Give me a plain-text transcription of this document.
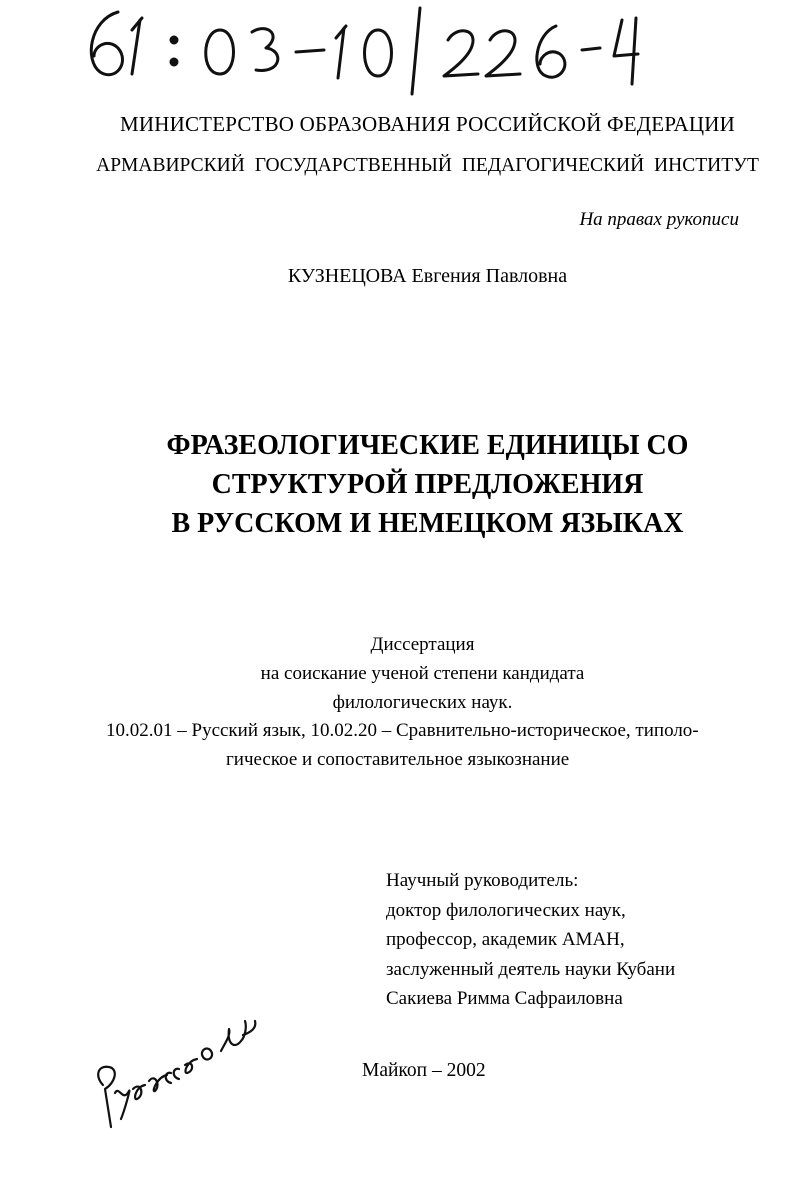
МИНИСТЕРСТВО ОБРАЗОВАНИЯ РОССИЙСКОЙ ФЕДЕРАЦИИ
АРМАВИРСКИЙ ГОСУДАРСТВЕННЫЙ ПЕДАГОГИЧЕСКИЙ ИНСТИТУТ
На правах рукописи
КУЗНЕЦОВА Евгения Павловна
ФРАЗЕОЛОГИЧЕСКИЕ ЕДИНИЦЫ СО
СТРУКТУРОЙ ПРЕДЛОЖЕНИЯ
В РУССКОМ И НЕМЕЦКОМ ЯЗЫКАХ
Диссертация
на соискание ученой степени кандидата
филологических наук.
10.02.01 – Русский язык, 10.02.20 – Сравнительно-историческое, типоло-
гическое и сопоставительное языкознание
Научный руководитель:
доктор филологических наук,
профессор, академик АМАН,
заслуженный деятель науки Кубани
Сакиева Римма Сафраиловна
Майкоп – 2002
